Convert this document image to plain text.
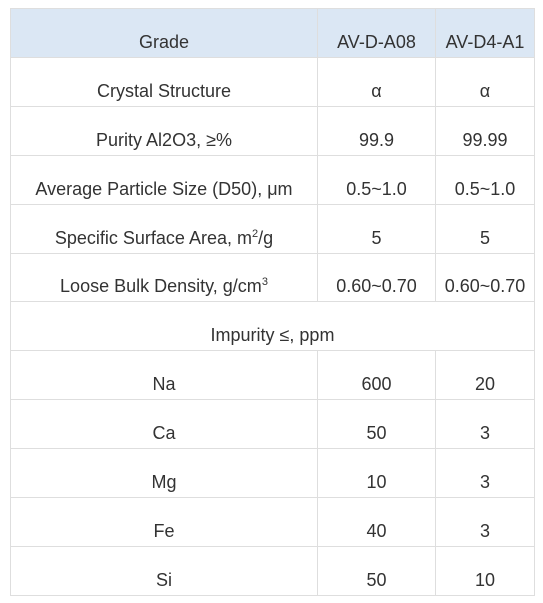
Grade	AV-D-A08	AV-D4-A1
Crystal Structure	α	α
Purity Al2O3, ≥%	99.9	99.99
Average Particle Size (D50), μm	0.5~1.0	0.5~1.0
Specific Surface Area, $m^2/g$	5	5
Loose Bulk Density, $g/cm^3$	0.60~0.70	0.60~0.70
Impurity ≤, ppm		
Na	600	20
Ca	50	3
Mg	10	3
Fe	40	3
Si	50	10
